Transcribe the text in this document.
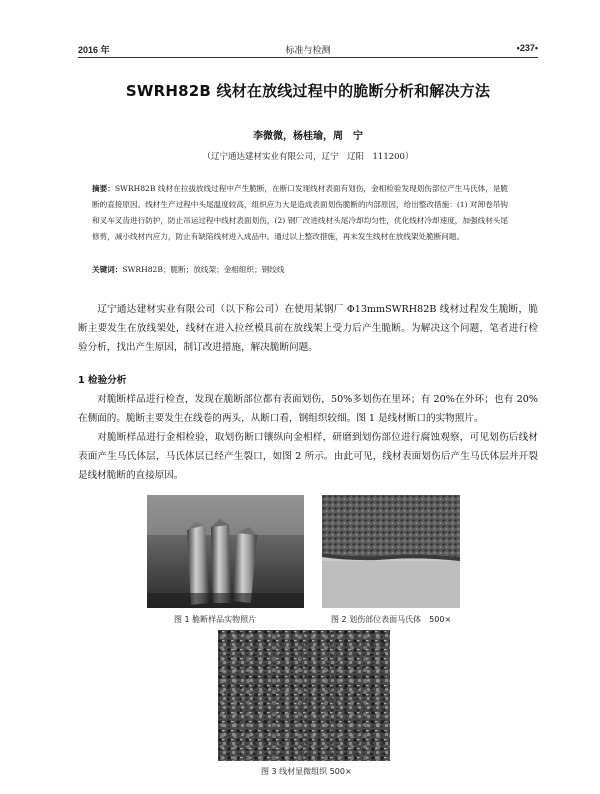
2016 年	标准与检测	•237•
SWRH82B 线材在放线过程中的脆断分析和解决方法
李微微，杨桂瑜，周　宁
（辽宁通达建材实业有限公司，辽宁　辽阳　111200）
摘要：SWRH82B 线材在拉拔放线过程中产生脆断，在断口发现线材表面有划伤，金相检验发现划伤部位产生马氏体，是脆断的直接原因。线材生产过程中头尾温度较高，组织应力大是造成表面划伤脆断的内部原因，给出整改措施：(1) 对卸卷吊钩和叉车叉齿进行防护，防止吊运过程中线材表面划伤，(2) 钢厂改进线材头尾冷却均匀性，优化线材冷却速度，加强线材头尾修剪，减小线材内应力，防止有缺陷线材进入成品中。通过以上整改措施，再未发生线材在放线架处脆断问题。
关键词：SWRH82B；脆断；放线架；金相组织；钢绞线

辽宁通达建材实业有限公司（以下称公司）在使用某钢厂 Φ13mmSWRH82B 线材过程发生脆断，脆断主要发生在放线架处，线材在进入拉丝模具前在放线架上受力后产生脆断。为解决这个问题，笔者进行检验分析，找出产生原因，制订改进措施，解决脆断问题。

1 检验分析

对脆断样品进行检查，发现在脆断部位都有表面划伤，50%多划伤在里环；有 20%在外环；也有 20%在侧面的。脆断主要发生在线卷的两头，从断口看，钢组织较细。图 1 是线材断口的实物照片。

对脆断样品进行金相检验，取划伤断口镶纵向金相样，研磨到划伤部位进行腐蚀观察，可见划伤后线材表面产生马氏体层，马氏体层已经产生裂口，如图 2 所示。由此可见，线材表面划伤后产生马氏体层并开裂是线材脆断的直接原因。

图 1 脆断样品实物照片	图 2 划伤部位表面马氏体　500×
图 3 线材显微组织 500×
